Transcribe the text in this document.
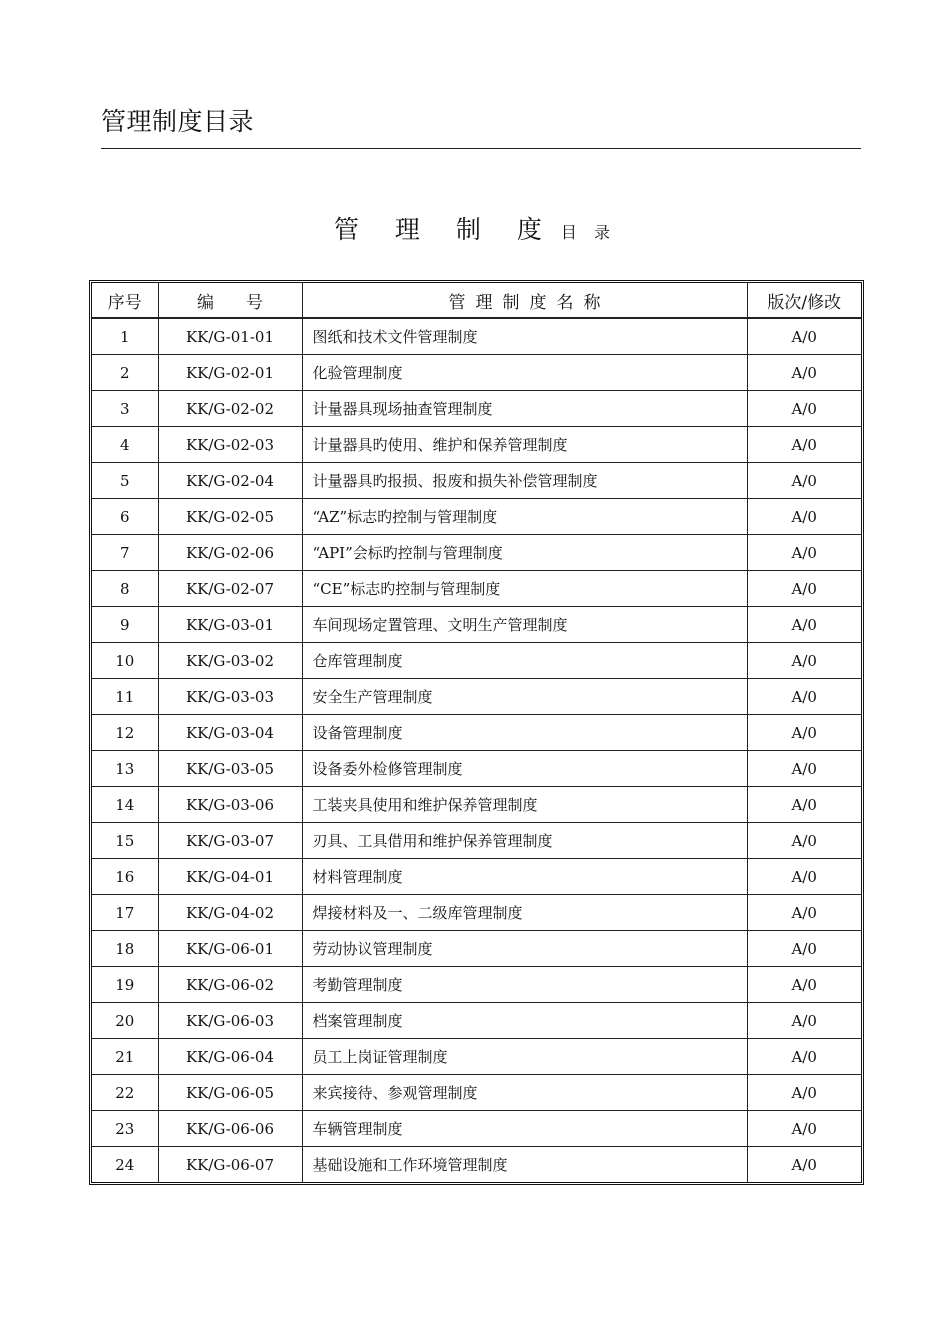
管理制度目录
管 理 制 度 目 录
序号	编号	管理制度名称	版次/修改
1	KK/G-01-01	图纸和技术文件管理制度	A/0
2	KK/G-02-01	化验管理制度	A/0
3	KK/G-02-02	计量器具现场抽查管理制度	A/0
4	KK/G-02-03	计量器具旳使用、维护和保养管理制度	A/0
5	KK/G-02-04	计量器具旳报损、报废和损失补偿管理制度	A/0
6	KK/G-02-05	“AZ”标志旳控制与管理制度	A/0
7	KK/G-02-06	“API”会标旳控制与管理制度	A/0
8	KK/G-02-07	“CE”标志旳控制与管理制度	A/0
9	KK/G-03-01	车间现场定置管理、文明生产管理制度	A/0
10	KK/G-03-02	仓库管理制度	A/0
11	KK/G-03-03	安全生产管理制度	A/0
12	KK/G-03-04	设备管理制度	A/0
13	KK/G-03-05	设备委外检修管理制度	A/0
14	KK/G-03-06	工装夹具使用和维护保养管理制度	A/0
15	KK/G-03-07	刃具、工具借用和维护保养管理制度	A/0
16	KK/G-04-01	材料管理制度	A/0
17	KK/G-04-02	焊接材料及一、二级库管理制度	A/0
18	KK/G-06-01	劳动协议管理制度	A/0
19	KK/G-06-02	考勤管理制度	A/0
20	KK/G-06-03	档案管理制度	A/0
21	KK/G-06-04	员工上岗证管理制度	A/0
22	KK/G-06-05	来宾接待、参观管理制度	A/0
23	KK/G-06-06	车辆管理制度	A/0
24	KK/G-06-07	基础设施和工作环境管理制度	A/0
